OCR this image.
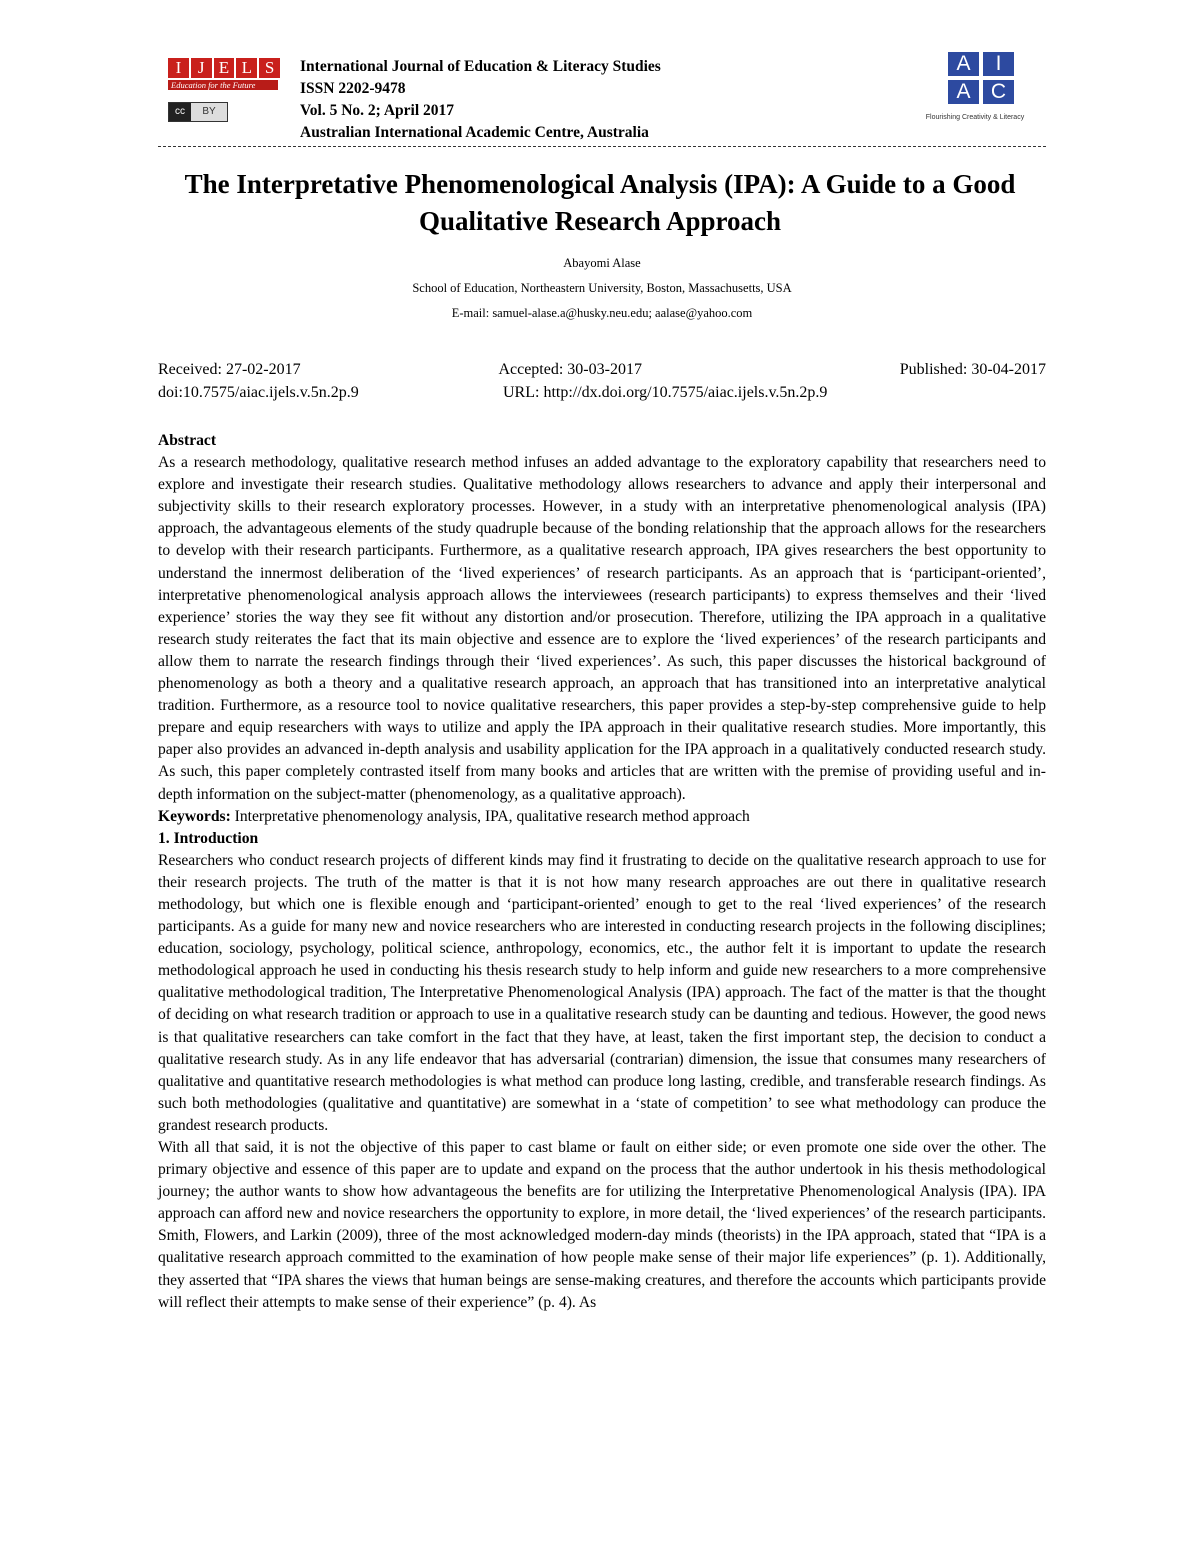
I J E L S
Education for the Future
cc	BY
International Journal of Education & Literacy Studies
ISSN 2202-9478
Vol. 5 No. 2; April 2017
Australian International Academic Centre, Australia
A	I
A C
Flourishing Creativity & Literacy
The Interpretative Phenomenological Analysis (IPA): A Guide to a Good Qualitative Research Approach
Abayomi Alase
School of Education, Northeastern University, Boston, Massachusetts, USA
E-mail: samuel-alase.a@husky.neu.edu; aalase@yahoo.com
Received: 27-02-2017	Accepted: 30-03-2017	Published: 30-04-2017
doi:10.7575/aiac.ijels.v.5n.2p.9	URL: http://dx.doi.org/10.7575/aiac.ijels.v.5n.2p.9
Abstract

As a research methodology, qualitative research method infuses an added advantage to the exploratory capability that researchers need to explore and investigate their research studies. Qualitative methodology allows researchers to advance and apply their interpersonal and subjectivity skills to their research exploratory processes. However, in a study with an interpretative phenomenological analysis (IPA) approach, the advantageous elements of the study quadruple because of the bonding relationship that the approach allows for the researchers to develop with their research participants. Furthermore, as a qualitative research approach, IPA gives researchers the best opportunity to understand the innermost deliberation of the ‘lived experiences’ of research participants. As an approach that is ‘participant-oriented’, interpretative phenomenological analysis approach allows the interviewees (research participants) to express themselves and their ‘lived experience’ stories the way they see fit without any distortion and/or prosecution. Therefore, utilizing the IPA approach in a qualitative research study reiterates the fact that its main objective and essence are to explore the ‘lived experiences’ of the research participants and allow them to narrate the research findings through their ‘lived experiences’. As such, this paper discusses the historical background of phenomenology as both a theory and a qualitative research approach, an approach that has transitioned into an interpretative analytical tradition. Furthermore, as a resource tool to novice qualitative researchers, this paper provides a step-by-step comprehensive guide to help prepare and equip researchers with ways to utilize and apply the IPA approach in their qualitative research studies. More importantly, this paper also provides an advanced in-depth analysis and usability application for the IPA approach in a qualitatively conducted research study. As such, this paper completely contrasted itself from many books and articles that are written with the premise of providing useful and in-depth information on the subject-matter (phenomenology, as a qualitative approach).

Keywords: Interpretative phenomenology analysis, IPA, qualitative research method approach

1. Introduction

Researchers who conduct research projects of different kinds may find it frustrating to decide on the qualitative research approach to use for their research projects. The truth of the matter is that it is not how many research approaches are out there in qualitative research methodology, but which one is flexible enough and ‘participant-oriented’ enough to get to the real ‘lived experiences’ of the research participants. As a guide for many new and novice researchers who are interested in conducting research projects in the following disciplines; education, sociology, psychology, political science, anthropology, economics, etc., the author felt it is important to update the research methodological approach he used in conducting his thesis research study to help inform and guide new researchers to a more comprehensive qualitative methodological tradition, The Interpretative Phenomenological Analysis (IPA) approach. The fact of the matter is that the thought of deciding on what research tradition or approach to use in a qualitative research study can be daunting and tedious. However, the good news is that qualitative researchers can take comfort in the fact that they have, at least, taken the first important step, the decision to conduct a qualitative research study. As in any life endeavor that has adversarial (contrarian) dimension, the issue that consumes many researchers of qualitative and quantitative research methodologies is what method can produce long lasting, credible, and transferable research findings. As such both methodologies (qualitative and quantitative) are somewhat in a ‘state of competition’ to see what methodology can produce the grandest research products.

With all that said, it is not the objective of this paper to cast blame or fault on either side; or even promote one side over the other. The primary objective and essence of this paper are to update and expand on the process that the author undertook in his thesis methodological journey; the author wants to show how advantageous the benefits are for utilizing the Interpretative Phenomenological Analysis (IPA). IPA approach can afford new and novice researchers the opportunity to explore, in more detail, the ‘lived experiences’ of the research participants. Smith, Flowers, and Larkin (2009), three of the most acknowledged modern-day minds (theorists) in the IPA approach, stated that “IPA is a qualitative research approach committed to the examination of how people make sense of their major life experiences” (p. 1). Additionally, they asserted that “IPA shares the views that human beings are sense-making creatures, and therefore the accounts which participants provide will reflect their attempts to make sense of their experience” (p. 4). As
